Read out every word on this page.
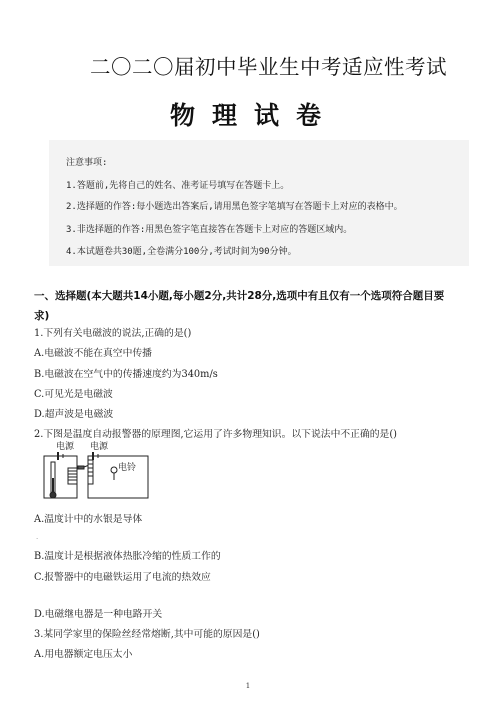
二〇二〇届初中毕业生中考适应性考试
物理试卷
注意事项:
1.答题前,先将自己的姓名、准考证号填写在答题卡上。
2.选择题的作答:每小题选出答案后,请用黑色签字笔填写在答题卡上对应的表格中。
3.非选择题的作答:用黑色签字笔直接答在答题卡上对应的答题区域内。
4.本试题卷共30题,全卷满分100分,考试时间为90分钟。
一、选择题(本大题共14小题,每小题2分,共计28分,选项中有且仅有一个选项符合题目要求)
1.下列有关电磁波的说法,正确的是()
A.电磁波不能在真空中传播
B.电磁波在空气中的传播速度约为340m/s
C.可见光是电磁波
D.超声波是电磁波
2.下图是温度自动报警器的原理图,它运用了许多物理知识。以下说法中不正确的是()
电源 电源
电铃
A.温度计中的水银是导体
.
B.温度计是根据液体热胀冷缩的性质工作的
C.报警器中的电磁铁运用了电流的热效应
D.电磁继电器是一种电路开关
3.某同学家里的保险丝经常熔断,其中可能的原因是()
A.用电器额定电压太小
1
